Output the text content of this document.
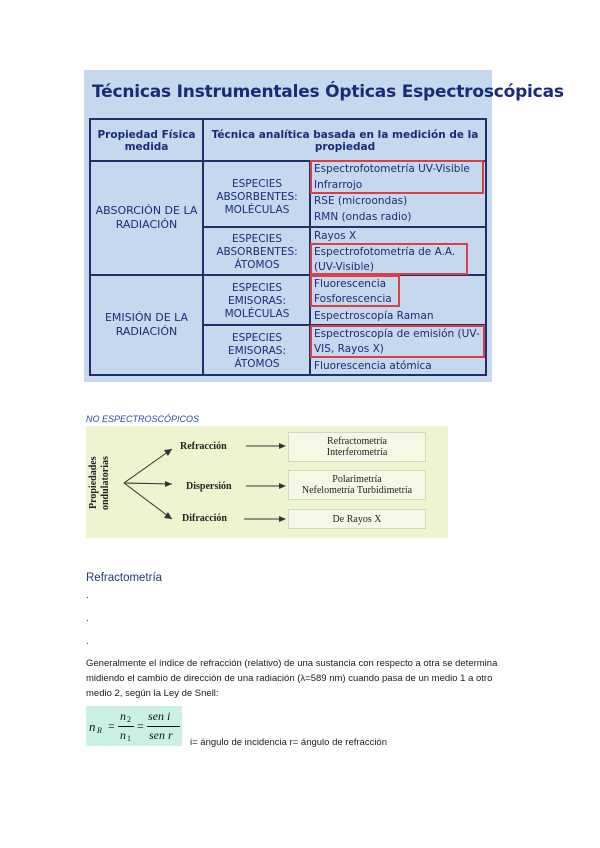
Técnicas Instrumentales Ópticas Espectroscópicas
Propiedad Física medida
Técnica analítica basada en la medición de la propiedad
ABSORCIÓN DE LA RADIACIÓN
ESPECIES ABSORBENTES: MOLÉCULAS
ESPECIES ABSORBENTES: ÁTOMOS
Espectrofotometría UV-Visible
Infrarrojo
RSE (microondas)
RMN (ondas radio)
Rayos X
Espectrofotometría de A.A.
(UV-Visible)
EMISIÓN DE LA RADIACIÓN
ESPECIES EMISORAS: MOLÉCULAS
ESPECIES EMISORAS: ÁTOMOS
Fluorescencia
Fosforescencia
Espectroscopía Raman
Espectroscopía de emisión (UV-
VIS, Rayos X)
Fluorescencia atómica
NO ESPECTROSCÓPICOS
Propiedades ondulatorias
Refracción
Dispersión
Difracción
Refractometría
Interferometría
Polarimetría
Nefelometría Turbidimetría
De Rayos X
Refractometría
.
.
.
Generalmente el índice de refracción (relativo) de una sustancia con respecto a otra se determina midiendo el cambio de dirección de una radiación (λ=589 nm) cuando pasa de un medio 1 a otro medio 2, según la Ley de Snell:
n R =
n 2
n 1
=
sen i
sen r
i= ángulo de incidencia r= ángulo de refracción
